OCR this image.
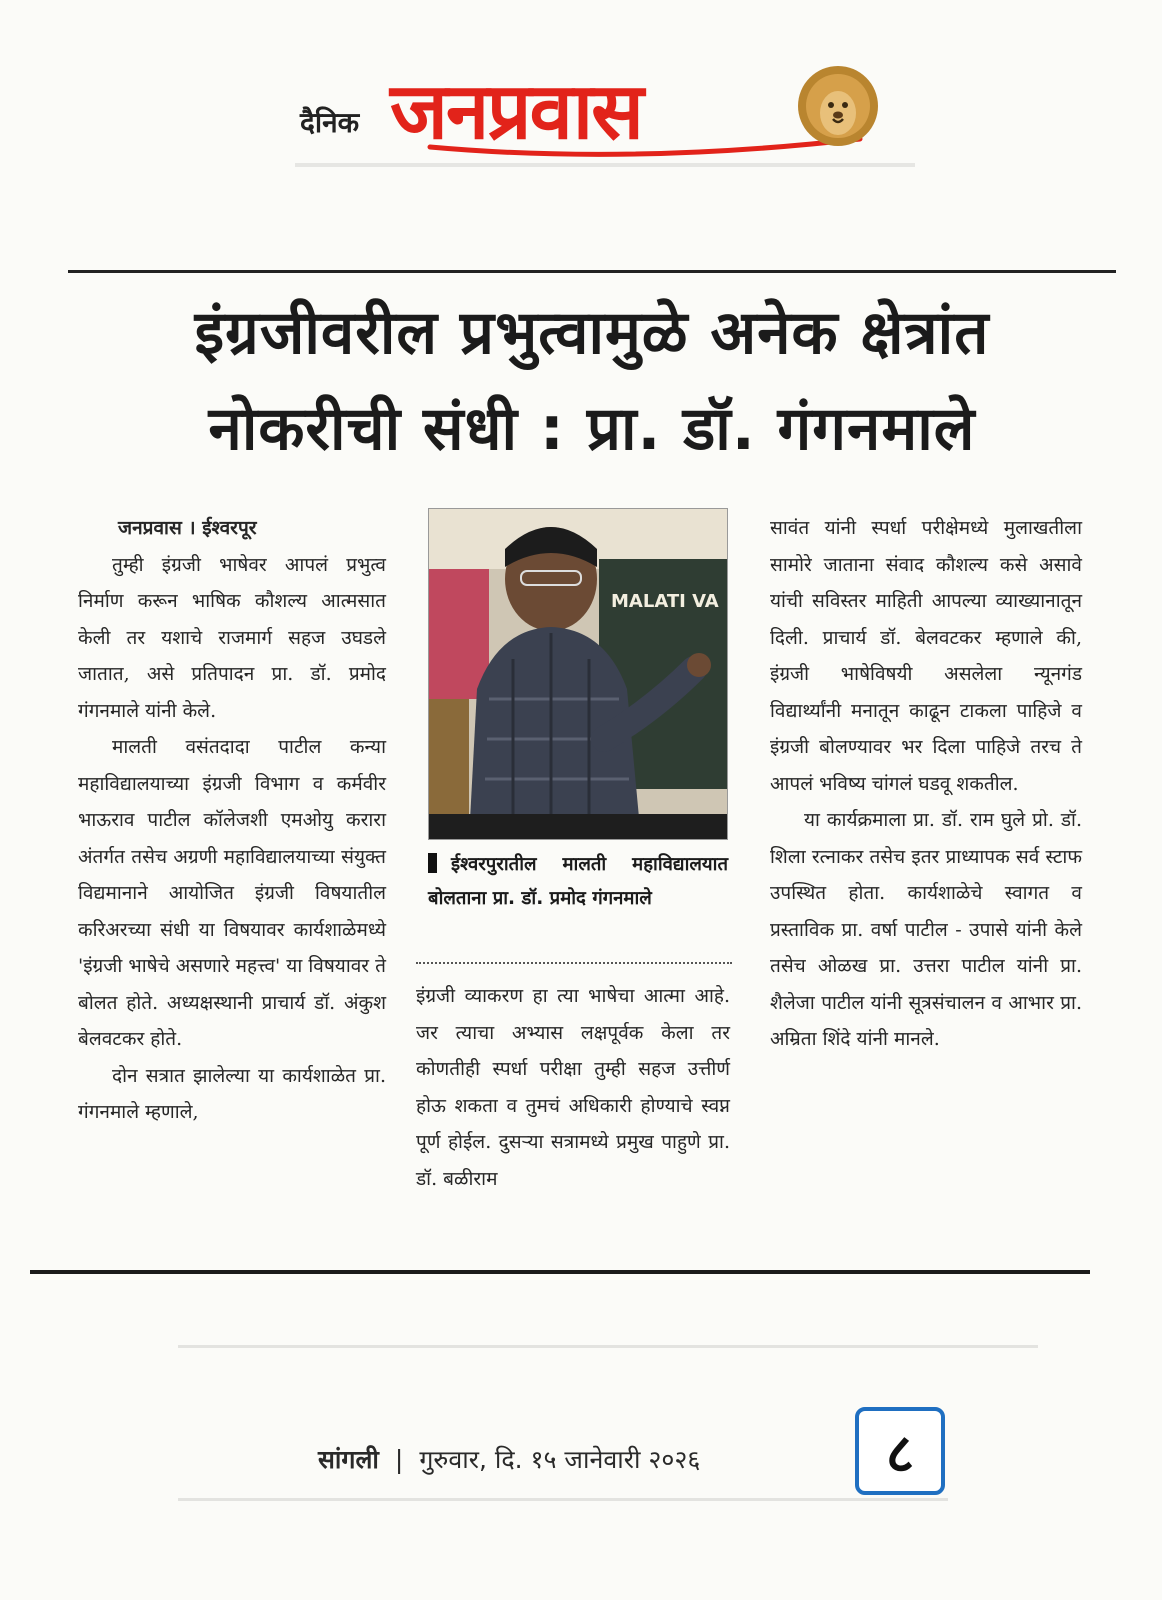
दैनिक जनप्रवास
इंग्रजीवरील प्रभुत्वामुळे अनेक क्षेत्रांत
नोकरीची संधी : प्रा. डॉ. गंगनमाले

जनप्रवास । ईश्वरपूर

तुम्ही इंग्रजी भाषेवर आपलं प्रभुत्व निर्माण करून भाषिक कौशल्य आत्मसात केली तर यशाचे राजमार्ग सहज उघडले जातात, असे प्रतिपादन प्रा. डॉ. प्रमोद गंगनमाले यांनी केले.

मालती वसंतदादा पाटील कन्या महाविद्यालयाच्या इंग्रजी विभाग व कर्मवीर भाऊराव पाटील कॉलेजशी एमओयु करारा अंतर्गत तसेच अग्रणी महाविद्यालयाच्या संयुक्त विद्यमानाने आयोजित इंग्रजी विषयातील करिअरच्या संधी या विषयावर कार्यशाळेमध्ये 'इंग्रजी भाषेचे असणारे महत्त्व' या विषयावर ते बोलत होते. अध्यक्षस्थानी प्राचार्य डॉ. अंकुश बेलवटकर होते.

दोन सत्रात झालेल्या या कार्यशाळेत प्रा. गंगनमाले म्हणाले,

MALATI VA
ईश्वरपुरातील मालती महाविद्यालयात बोलताना प्रा. डॉ. प्रमोद गंगनमाले

इंग्रजी व्याकरण हा त्या भाषेचा आत्मा आहे. जर त्याचा अभ्यास लक्षपूर्वक केला तर कोणतीही स्पर्धा परीक्षा तुम्ही सहज उत्तीर्ण होऊ शकता व तुमचं अधिकारी होण्याचे स्वप्न पूर्ण होईल. दुसऱ्या सत्रामध्ये प्रमुख पाहुणे प्रा. डॉ. बळीराम

सावंत यांनी स्पर्धा परीक्षेमध्ये मुलाखतीला सामोरे जाताना संवाद कौशल्य कसे असावे यांची सविस्तर माहिती आपल्या व्याख्यानातून दिली. प्राचार्य डॉ. बेलवटकर म्हणाले की, इंग्रजी भाषेविषयी असलेला न्यूनगंड विद्यार्थ्यांनी मनातून काढून टाकला पाहिजे व इंग्रजी बोलण्यावर भर दिला पाहिजे तरच ते आपलं भविष्य चांगलं घडवू शकतील.

या कार्यक्रमाला प्रा. डॉ. राम घुले प्रो. डॉ. शिला रत्नाकर तसेच इतर प्राध्यापक सर्व स्टाफ उपस्थित होता. कार्यशाळेचे स्वागत व प्रस्ताविक प्रा. वर्षा पाटील - उपासे यांनी केले तसेच ओळख प्रा. उत्तरा पाटील यांनी प्रा. शैलेजा पाटील यांनी सूत्रसंचालन व आभार प्रा. अम्रिता शिंदे यांनी मानले.

सांगली | गुरुवार, दि. १५ जानेवारी २०२६	८
